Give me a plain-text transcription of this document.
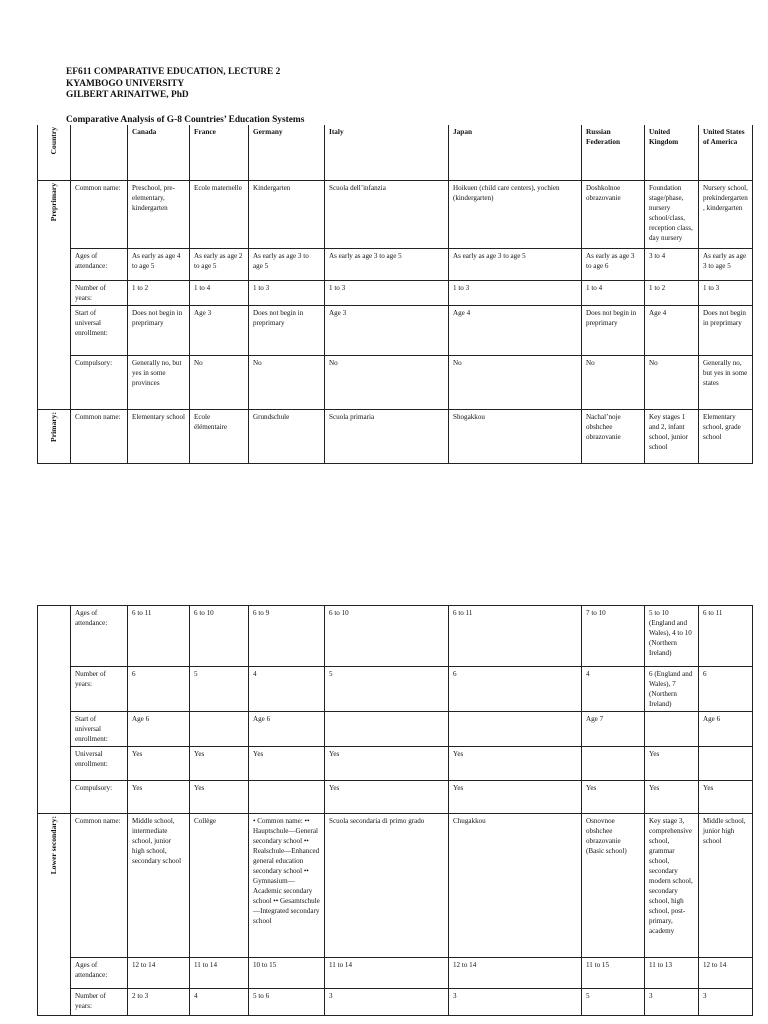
EF611 COMPARATIVE EDUCATION, LECTURE 2
KYAMBOGO UNIVERSITY
GILBERT ARINAITWE, PhD
Comparative Analysis of G-8 Countries’ Education Systems
Country		Canada	France	Germany	Italy	Japan	Russian Federation	United Kingdom	United States of America
Preprimary	Common name:	Preschool, pre-elementary, kindergarten	Ecole maternelle	Kindergarten	Scuola dell’infanzia	Hoikuen (child care centers), yochien (kindergarten)	Doshkolnoe obrazovanie	Foundation stage/phase, nursery school/class, reception class, day nursery	Nursery school, prekindergarten, kindergarten
	Ages of attendance:	As early as age 4 to age 5	As early as age 2 to age 5	As early as age 3 to age 5	As early as age 3 to age 5	As early as age 3 to age 5	As early as age 3 to age 6	3 to 4	As early as age 3 to age 5
	Number of years:	1 to 2	1 to 4	1 to 3	1 to 3	1 to 3	1 to 4	1 to 2	1 to 3
	Start of universal enrollment:	Does not begin in preprimary	Age 3	Does not begin in preprimary	Age 3	Age 4	Does not begin in preprimary	Age 4	Does not begin in preprimary
	Compulsory:	Generally no, but yes in some provinces	No	No	No	No	No	No	Generally no, but yes in some states
Primary:	Common name:	Elementary school	Ecole élémentaire	Grundschule	Scuola primaria	Shogakkou	Nachal’noje obshchee obrazovanie	Key stages 1 and 2, infant school, junior school	Elementary school, grade school
	Ages of attendance:	6 to 11	6 to 10	6 to 9	6 to 10	6 to 11	7 to 10	5 to 10 (England and Wales), 4 to 10 (Northern Ireland)	6 to 11
	Number of years:	6	5	4	5	6	4	6 (England and Wales), 7 (Northern Ireland)	6
	Start of universal enrollment:	Age 6		Age 6			Age 7		Age 6
	Universal enrollment:	Yes	Yes	Yes	Yes	Yes		Yes	
	Compulsory:	Yes	Yes		Yes	Yes	Yes	Yes	Yes
Lower secondary:	Common name:	Middle school, intermediate school, junior high school, secondary school	Collège	• Common name: •• Hauptschule—General secondary school •• Realschule—Enhanced general education secondary school •• Gymnasium—Academic secondary school •• Gesamtschule—Integrated secondary school	Scuola secondaria di primo grado	Chugakkou	Osnovnoe obshchee obrazovanie (Basic school)	Key stage 3, comprehensive school, grammar school, secondary modern school, secondary school, high school, post-primary, academy	Middle school, junior high school
	Ages of attendance:	12 to 14	11 to 14	10 to 15	11 to 14	12 to 14	11 to 15	11 to 13	12 to 14
	Number of years:	2 to 3	4	5 to 6	3	3	5	3	3
